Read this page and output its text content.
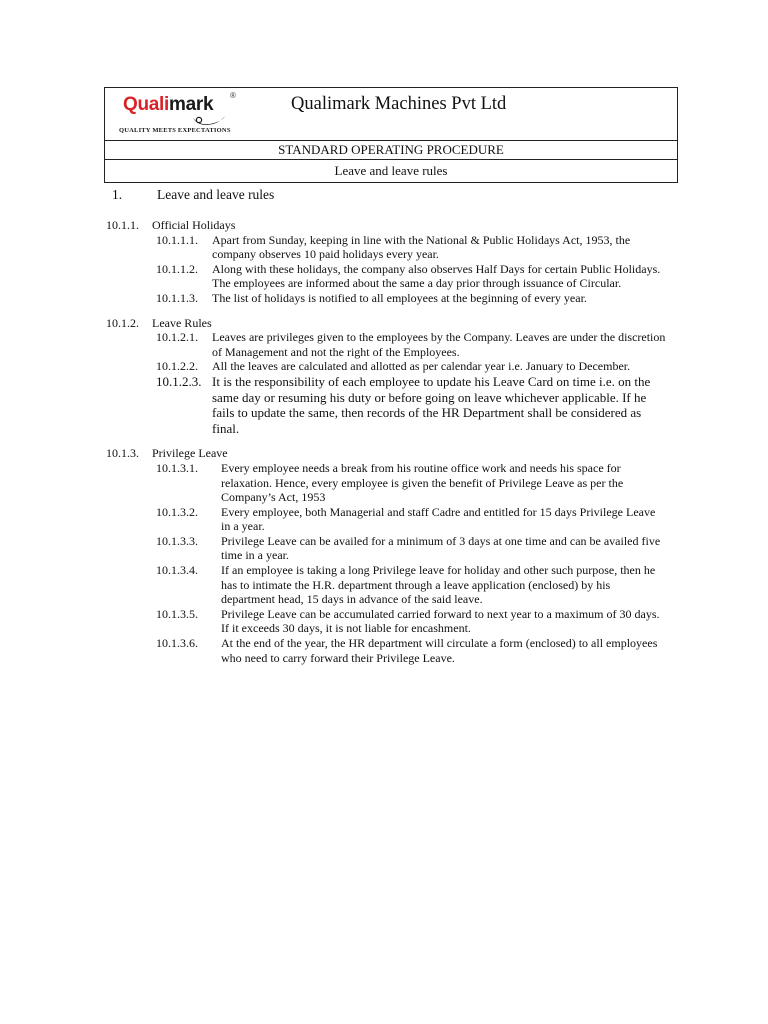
Qualimark ®
QUALITY MEETS EXPECTATIONS
Qualimark Machines Pvt Ltd
STANDARD OPERATING PROCEDURE
Leave and leave rules
1.	Leave and leave rules
10.1.1. Official Holidays
10.1.1.1. Apart from Sunday, keeping in line with the National & Public Holidays Act, 1953, the company observes 10 paid holidays every year.
10.1.1.2. Along with these holidays, the company also observes Half Days for certain Public Holidays. The employees are informed about the same a day prior through issuance of Circular.
10.1.1.3. The list of holidays is notified to all employees at the beginning of every year.
10.1.2. Leave Rules
10.1.2.1. Leaves are privileges given to the employees by the Company. Leaves are under the discretion of Management and not the right of the Employees.
10.1.2.2. All the leaves are calculated and allotted as per calendar year i.e. January to December.
10.1.2.3. It is the responsibility of each employee to update his Leave Card on time i.e. on the same day or resuming his duty or before going on leave whichever applicable. If he fails to update the same, then records of the HR Department shall be considered as final.
10.1.3. Privilege Leave
10.1.3.1. Every employee needs a break from his routine office work and needs his space for relaxation. Hence, every employee is given the benefit of Privilege Leave as per the Company’s Act, 1953
10.1.3.2. Every employee, both Managerial and staff Cadre and entitled for 15 days Privilege Leave in a year.
10.1.3.3. Privilege Leave can be availed for a minimum of 3 days at one time and can be availed five time in a year.
10.1.3.4. If an employee is taking a long Privilege leave for holiday and other such purpose, then he has to intimate the H.R. department through a leave application (enclosed) by his department head, 15 days in advance of the said leave.
10.1.3.5. Privilege Leave can be accumulated carried forward to next year to a maximum of 30 days. If it exceeds 30 days, it is not liable for encashment.
10.1.3.6. At the end of the year, the HR department will circulate a form (enclosed) to all employees who need to carry forward their Privilege Leave.
